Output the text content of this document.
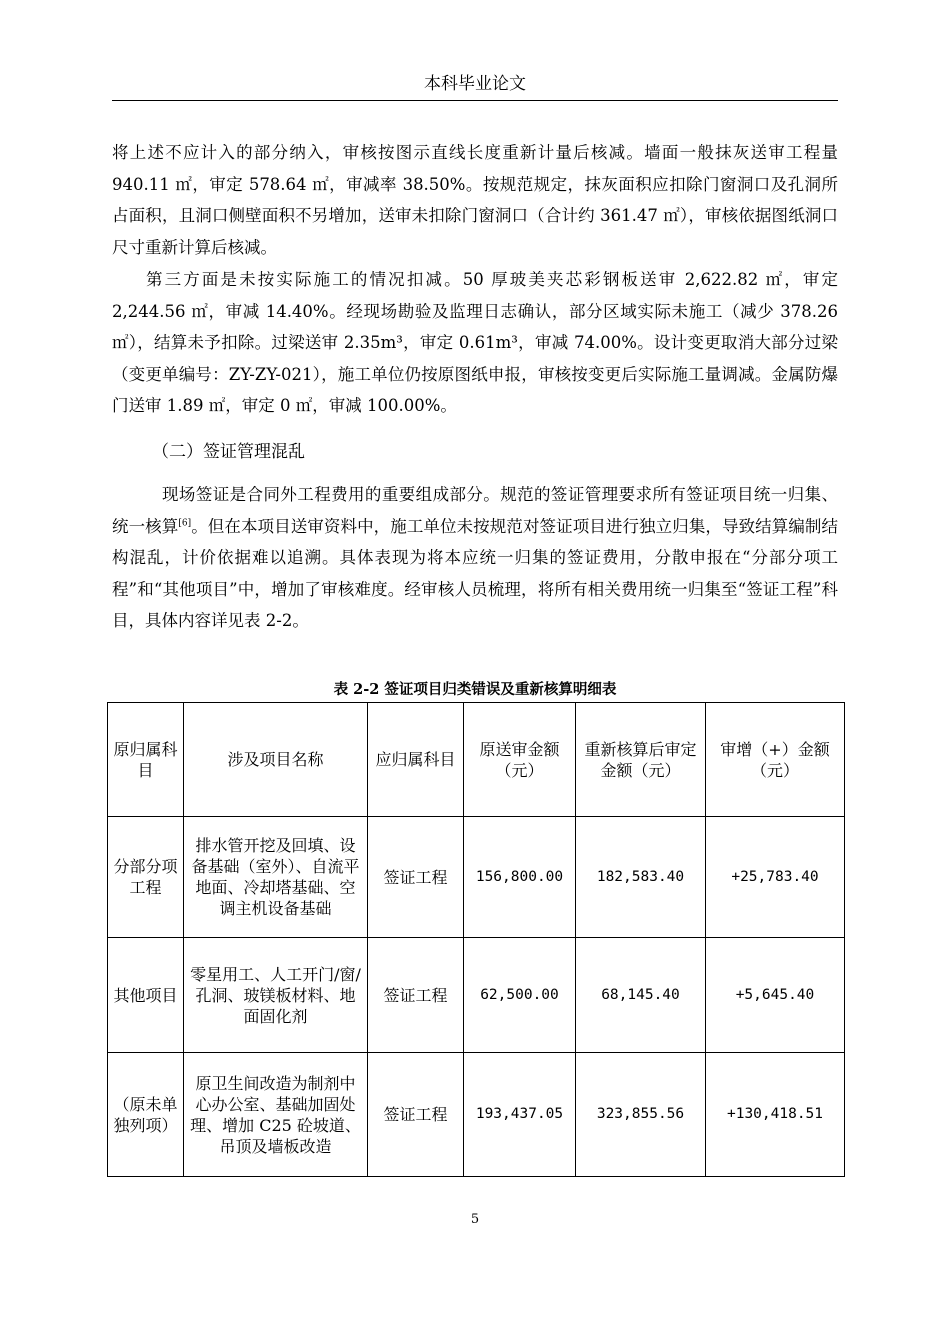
本科毕业论文
将上述不应计入的部分纳入，审核按图示直线长度重新计量后核减。墙面一般抹灰送审工程量 940.11 ㎡，审定 578.64 ㎡，审减率 38.50%。按规范规定，抹灰面积应扣除门窗洞口及孔洞所占面积，且洞口侧壁面积不另增加，送审未扣除门窗洞口（合计约 361.47 ㎡），审核依据图纸洞口尺寸重新计算后核减。
第三方面是未按实际施工的情况扣减。50 厚玻美夹芯彩钢板送审 2,622.82 ㎡，审定 2,244.56 ㎡，审减 14.40%。经现场勘验及监理日志确认，部分区域实际未施工（减少 378.26 ㎡），结算未予扣除。过梁送审 2.35m³，审定 0.61m³，审减 74.00%。设计变更取消大部分过梁（变更单编号：ZY-ZY-021），施工单位仍按原图纸申报，审核按变更后实际施工量调减。金属防爆门送审 1.89 ㎡，审定 0 ㎡，审减 100.00%。
（二）签证管理混乱
现场签证是合同外工程费用的重要组成部分。规范的签证管理要求所有签证项目统一归集、统一核算[6]。但在本项目送审资料中，施工单位未按规范对签证项目进行独立归集，导致结算编制结构混乱，计价依据难以追溯。具体表现为将本应统一归集的签证费用，分散申报在“分部分项工程”和“其他项目”中，增加了审核难度。经审核人员梳理，将所有相关费用统一归集至“签证工程”科目，具体内容详见表 2-2。
表 2-2 签证项目归类错误及重新核算明细表
原归属科目	涉及项目名称	应归属科目	原送审金额（元）	重新核算后审定金额（元）	审增（+）金额（元）
分部分项工程	排水管开挖及回填、设备基础（室外）、自流平地面、冷却塔基础、空调主机设备基础	签证工程	156,800.00	182,583.40	+25,783.40
其他项目	零星用工、人工开门/窗/孔洞、玻镁板材料、地面固化剂	签证工程	62,500.00	68,145.40	+5,645.40
（原未单独列项）	原卫生间改造为制剂中心办公室、基础加固处理、增加 C25 砼坡道、吊顶及墙板改造	签证工程	193,437.05	323,855.56	+130,418.51
5
